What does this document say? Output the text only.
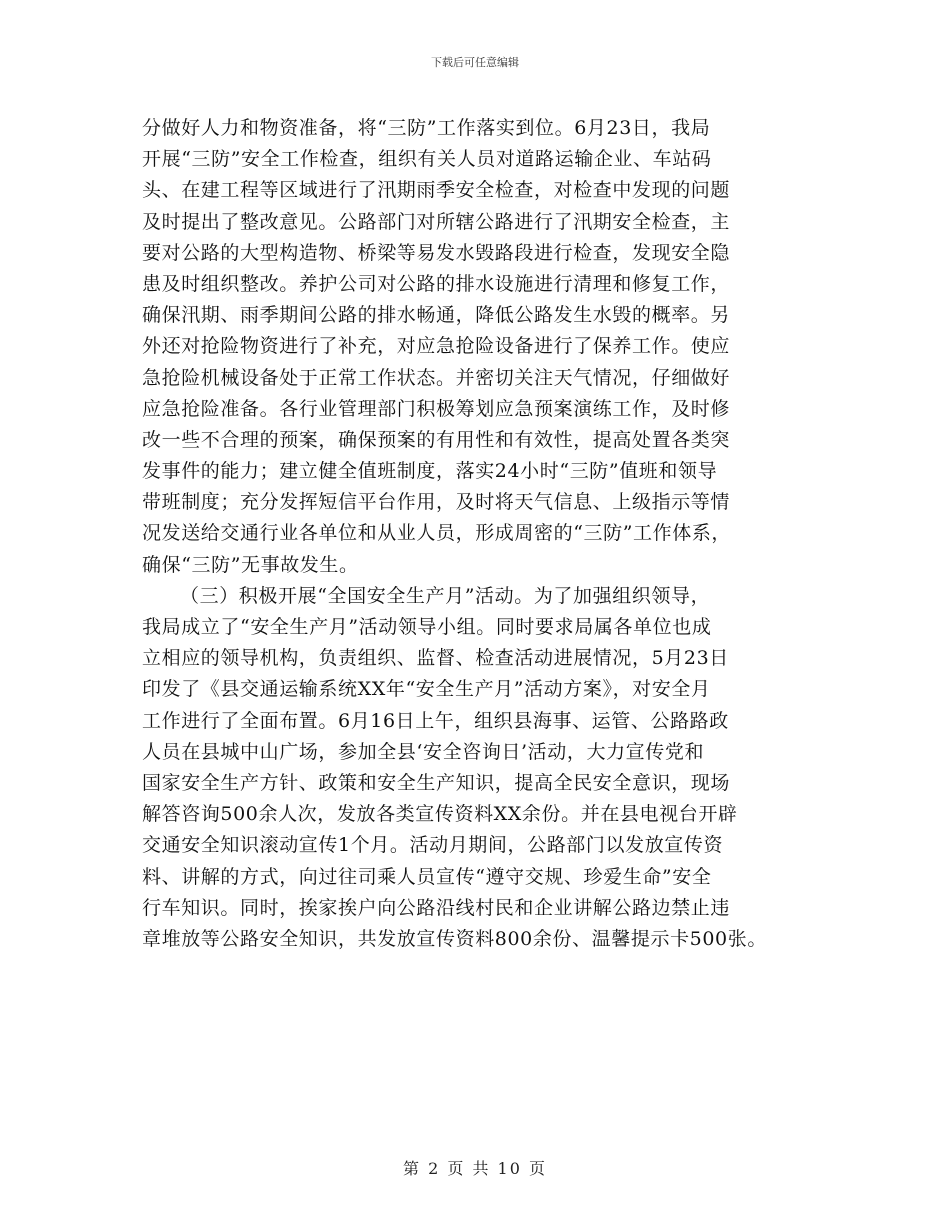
下载后可任意编辑
分做好人力和物资准备，将“三防”工作落实到位。6月23日，我局
开展“三防”安全工作检查，组织有关人员对道路运输企业、车站码
头、在建工程等区域进行了汛期雨季安全检查，对检查中发现的问题
及时提出了整改意见。公路部门对所辖公路进行了汛期安全检查，主
要对公路的大型构造物、桥梁等易发水毁路段进行检查，发现安全隐
患及时组织整改。养护公司对公路的排水设施进行清理和修复工作，
确保汛期、雨季期间公路的排水畅通，降低公路发生水毁的概率。另
外还对抢险物资进行了补充，对应急抢险设备进行了保养工作。使应
急抢险机械设备处于正常工作状态。并密切关注天气情况，仔细做好
应急抢险准备。各行业管理部门积极筹划应急预案演练工作，及时修
改一些不合理的预案，确保预案的有用性和有效性，提高处置各类突
发事件的能力；建立健全值班制度，落实24小时“三防”值班和领导
带班制度；充分发挥短信平台作用，及时将天气信息、上级指示等情
况发送给交通行业各单位和从业人员，形成周密的“三防”工作体系，
确保“三防”无事故发生。
（三）积极开展“全国安全生产月”活动。为了加强组织领导，
我局成立了“安全生产月”活动领导小组。同时要求局属各单位也成
立相应的领导机构，负责组织、监督、检查活动进展情况，5月23日
印发了《县交通运输系统XX年“安全生产月”活动方案》，对安全月
工作进行了全面布置。6月16日上午，组织县海事、运管、公路路政
人员在县城中山广场，参加全县‘安全咨询日’活动，大力宣传党和
国家安全生产方针、政策和安全生产知识，提高全民安全意识，现场
解答咨询500余人次，发放各类宣传资料XX余份。并在县电视台开辟
交通安全知识滚动宣传1个月。活动月期间，公路部门以发放宣传资
料、讲解的方式，向过往司乘人员宣传“遵守交规、珍爱生命”安全
行车知识。同时，挨家挨户向公路沿线村民和企业讲解公路边禁止违
章堆放等公路安全知识，共发放宣传资料800余份、温馨提示卡500张。
第 2 页 共 10 页
